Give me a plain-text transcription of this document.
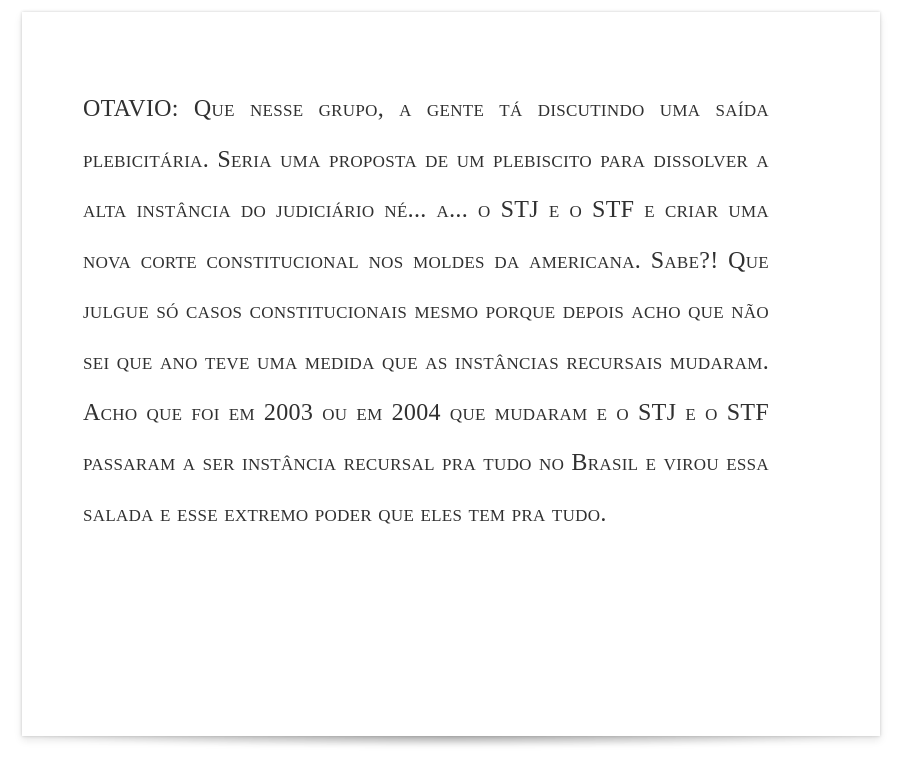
OTAVIO: Que nesse grupo, a gente tá discutindo uma saída plebicitária. Seria uma proposta de um plebiscito para dissolver a alta instância do judiciário né... a... o STJ e o STF e criar uma nova corte constitucional nos moldes da americana. Sabe?! Que julgue só casos constitucionais mesmo porque depois acho que não sei que ano teve uma medida que as instâncias recursais mudaram. Acho que foi em 2003 ou em 2004 que mudaram e o STJ e o STF passaram a ser instância recursal pra tudo no Brasil e virou essa salada e esse extremo poder que eles tem pra tudo.
